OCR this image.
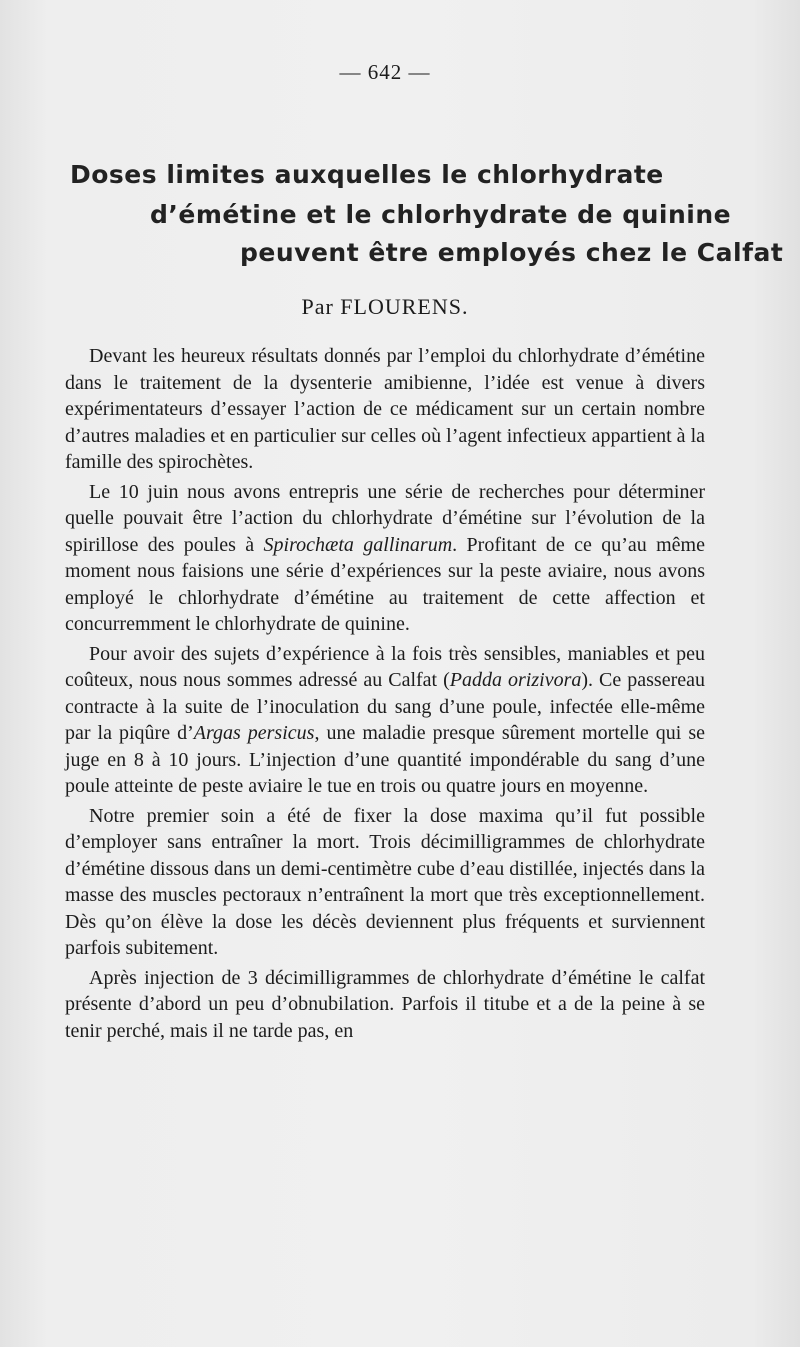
— 642 —
Doses limites auxquelles le chlorhydrate
d’émétine et le chlorhydrate de quinine
peuvent être employés chez le Calfat
Par FLOURENS.

Devant les heureux résultats donnés par l’emploi du chlorhydrate d’émétine dans le traitement de la dysenterie amibienne, l’idée est venue à divers expérimentateurs d’essayer l’action de ce médicament sur un certain nombre d’autres maladies et en particulier sur celles où l’agent infectieux appartient à la famille des spirochètes.

Le 10 juin nous avons entrepris une série de recherches pour déterminer quelle pouvait être l’action du chlorhydrate d’émétine sur l’évolution de la spirillose des poules à Spirochæta gallinarum. Profitant de ce qu’au même moment nous faisions une série d’expériences sur la peste aviaire, nous avons employé le chlorhydrate d’émétine au traitement de cette affection et concurremment le chlorhydrate de quinine.

Pour avoir des sujets d’expérience à la fois très sensibles, maniables et peu coûteux, nous nous sommes adressé au Calfat (Padda orizivora). Ce passereau contracte à la suite de l’inoculation du sang d’une poule, infectée elle-même par la piqûre d’Argas persicus, une maladie presque sûrement mortelle qui se juge en 8 à 10 jours. L’injection d’une quantité impondérable du sang d’une poule atteinte de peste aviaire le tue en trois ou quatre jours en moyenne.

Notre premier soin a été de fixer la dose maxima qu’il fut possible d’employer sans entraîner la mort. Trois décimilligrammes de chlorhydrate d’émétine dissous dans un demi-centimètre cube d’eau distillée, injectés dans la masse des muscles pectoraux n’entraînent la mort que très exceptionnellement. Dès qu’on élève la dose les décès deviennent plus fréquents et surviennent parfois subitement.

Après injection de 3 décimilligrammes de chlorhydrate d’émétine le calfat présente d’abord un peu d’obnubilation. Parfois il titube et a de la peine à se tenir perché, mais il ne tarde pas, en
